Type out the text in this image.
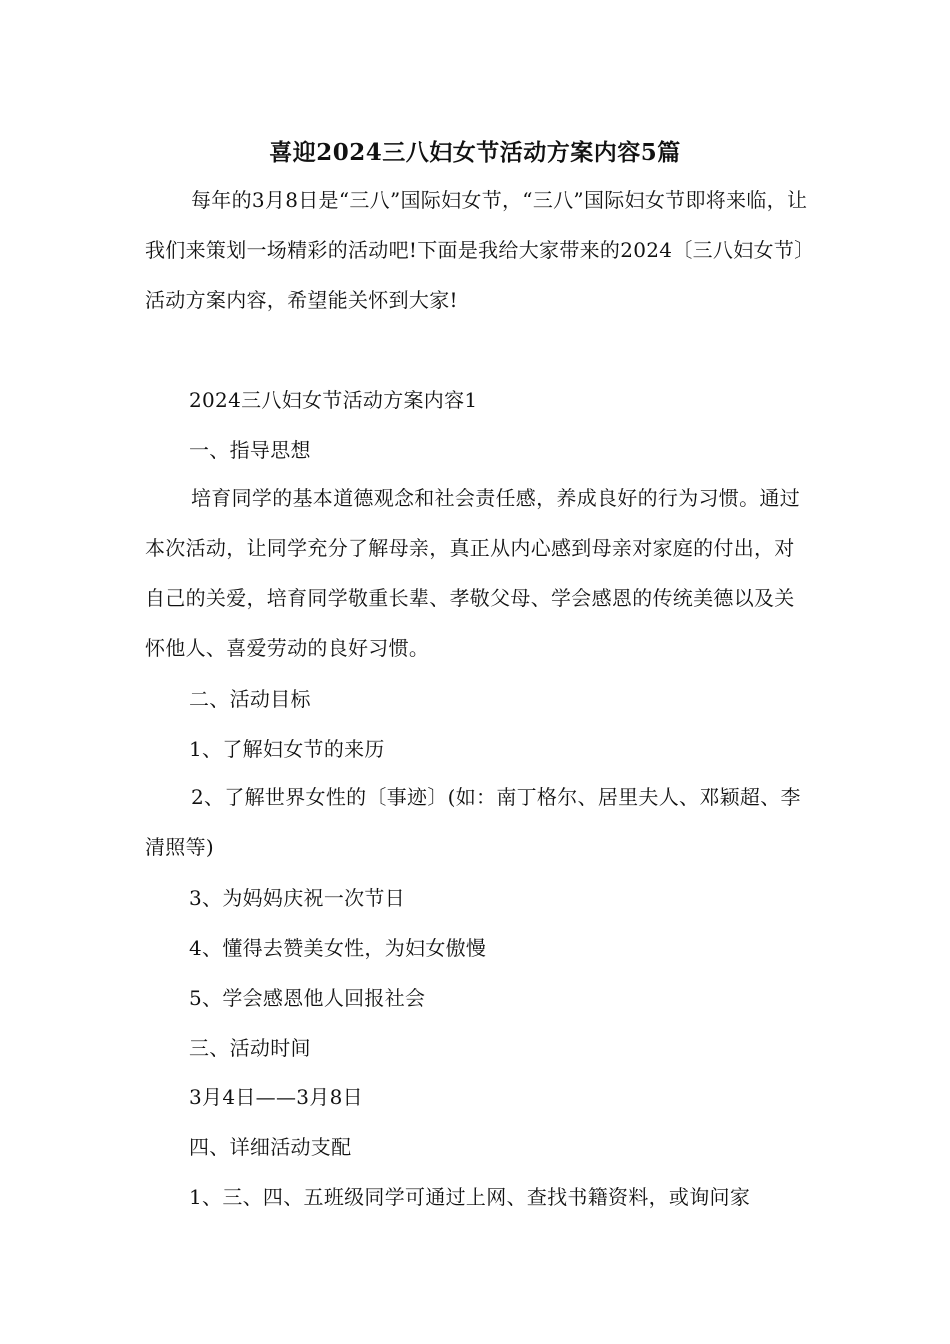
喜迎2024三八妇女节活动方案内容5篇

每年的3月8日是“三八”国际妇女节，“三八”国际妇女节即将来临，让我们来策划一场精彩的活动吧!下面是我给大家带来的2024〔三八妇女节〕活动方案内容，希望能关怀到大家!

2024三八妇女节活动方案内容1
一、指导思想

培育同学的基本道德观念和社会责任感，养成良好的行为习惯。通过本次活动，让同学充分了解母亲，真正从内心感到母亲对家庭的付出，对自己的关爱，培育同学敬重长辈、孝敬父母、学会感恩的传统美德以及关怀他人、喜爱劳动的良好习惯。

二、活动目标
1、了解妇女节的来历

2、了解世界女性的〔事迹〕(如：南丁格尔、居里夫人、邓颖超、李清照等)

3、为妈妈庆祝一次节日
4、懂得去赞美女性，为妇女傲慢
5、学会感恩他人回报社会
三、活动时间
3月4日——3月8日
四、详细活动支配
1、三、四、五班级同学可通过上网、查找书籍资料，或询问家
